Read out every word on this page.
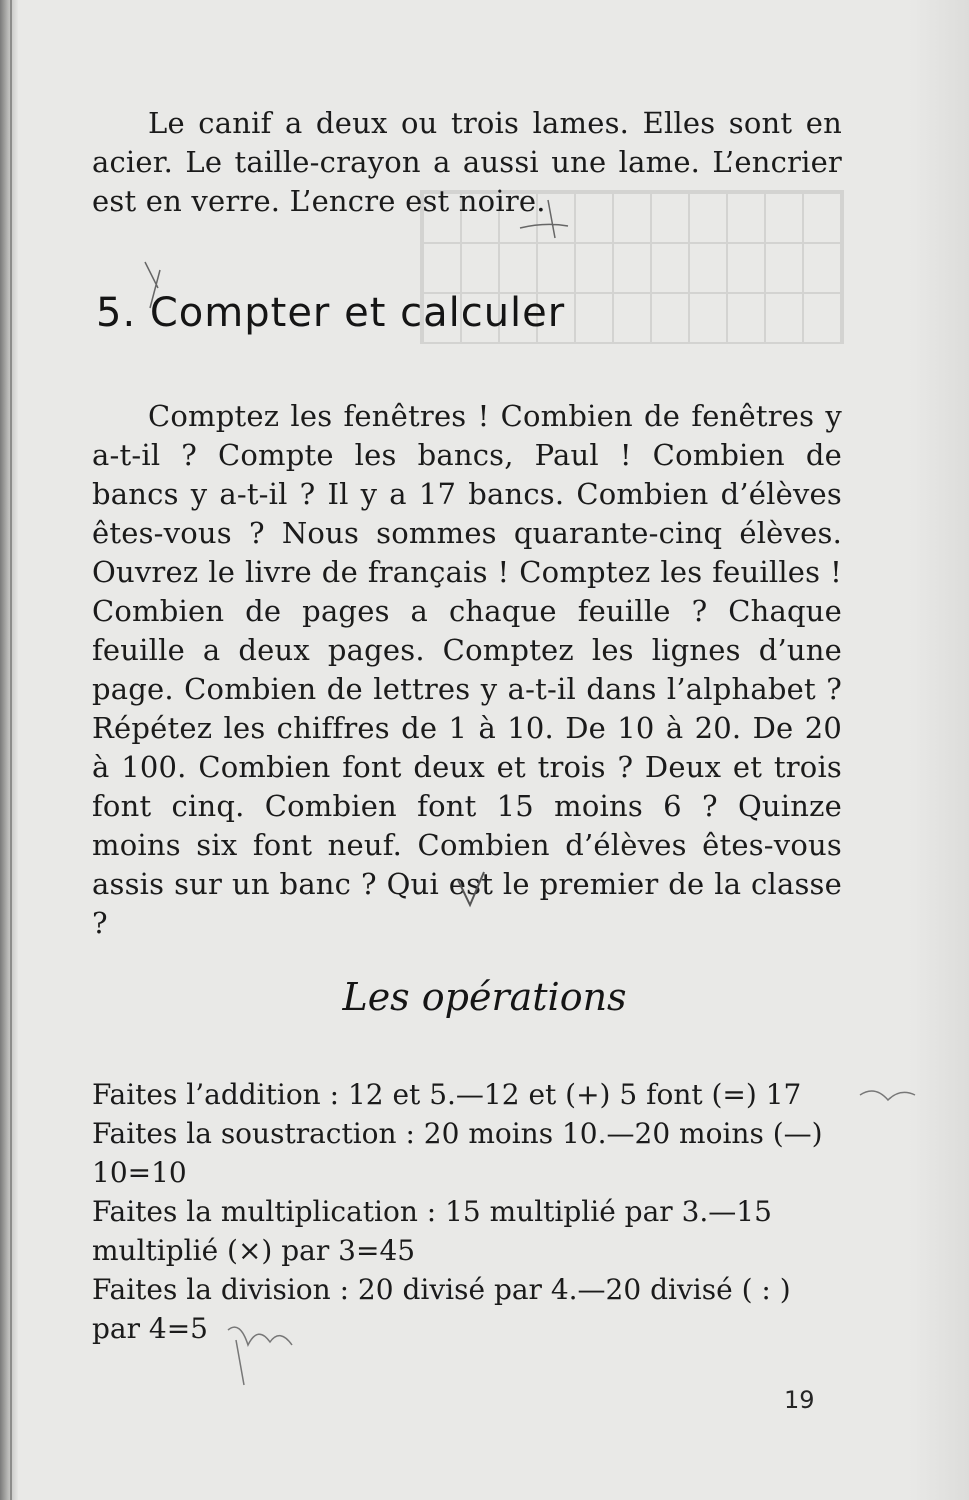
Le canif a deux ou trois lames. Elles sont en acier. Le taille-crayon a aussi une lame. L’encrier est en verre. L’encre est noire.

5. Compter et calculer

Comptez les fenêtres ! Combien de fenêtres y a-t-il ? Compte les bancs, Paul ! Combien de bancs y a-t-il ? Il y a 17 bancs. Combien d’élèves êtes-vous ? Nous sommes quarante-cinq élèves. Ouvrez le livre de français ! Comptez les feuilles ! Combien de pages a chaque feuille ? Chaque feuille a deux pages. Comptez les lignes d’une page. Combien de lettres y a-t-il dans l’alphabet ? Répétez les chiffres de 1 à 10. De 10 à 20. De 20 à 100. Combien font deux et trois ? Deux et trois font cinq. Combien font 15 moins 6 ? Quinze moins six font neuf. Combien d’élèves êtes-vous assis sur un banc ? Qui est le premier de la classe ?

Les opérations
Faites l’addition : 12 et 5.—12 et (+) 5 font (=) 17
Faites la soustraction : 20 moins 10.—20 moins (—)
10=10
Faites la multiplication : 15 multiplié par 3.—15
multiplié (×) par 3=45
Faites la division : 20 divisé par 4.—20 divisé ( : )
par 4=5
19
